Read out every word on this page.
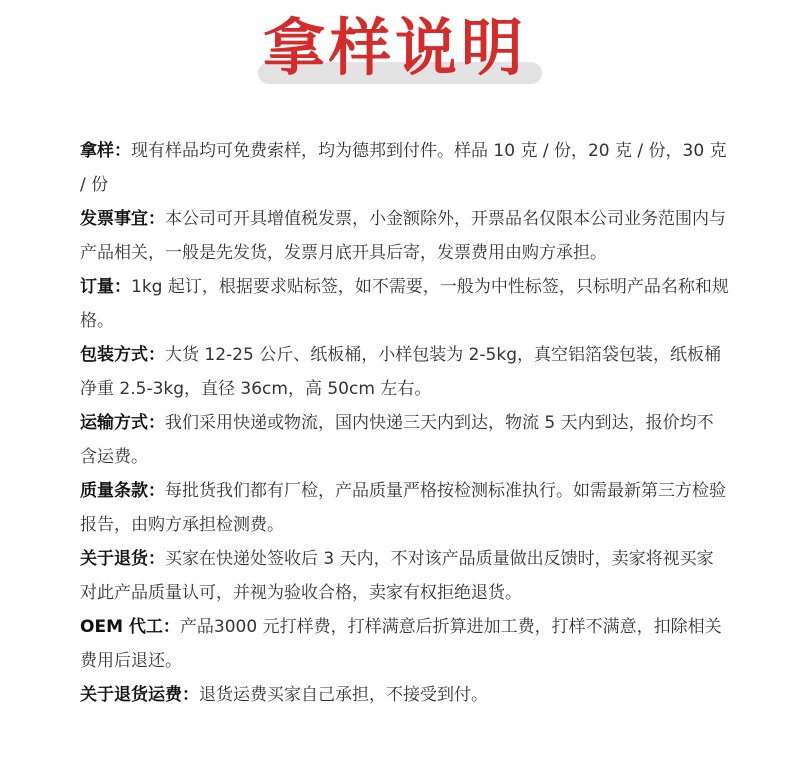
拿样说明

拿样：现有样品均可免费索样，均为德邦到付件。样品 10 克 / 份，20 克 / 份，30 克 / 份

发票事宜：本公司可开具增值税发票，小金额除外，开票品名仅限本公司业务范围内与产品相关，一般是先发货，发票月底开具后寄，发票费用由购方承担。

订量：1kg 起订，根据要求贴标签，如不需要，一般为中性标签，只标明产品名称和规格。

包装方式：大货 12-25 公斤、纸板桶，小样包装为 2-5kg，真空铝箔袋包装，纸板桶净重 2.5-3kg，直径 36cm，高 50cm 左右。

运输方式：我们采用快递或物流，国内快递三天内到达，物流 5 天内到达，报价均不含运费。

质量条款：每批货我们都有厂检，产品质量严格按检测标准执行。如需最新第三方检验报告，由购方承担检测费。

关于退货：买家在快递处签收后 3 天内，不对该产品质量做出反馈时，卖家将视买家对此产品质量认可，并视为验收合格，卖家有权拒绝退货。

OEM 代工：产品3000 元打样费，打样满意后折算进加工费，打样不满意，扣除相关费用后退还。

关于退货运费：退货运费买家自己承担，不接受到付。
